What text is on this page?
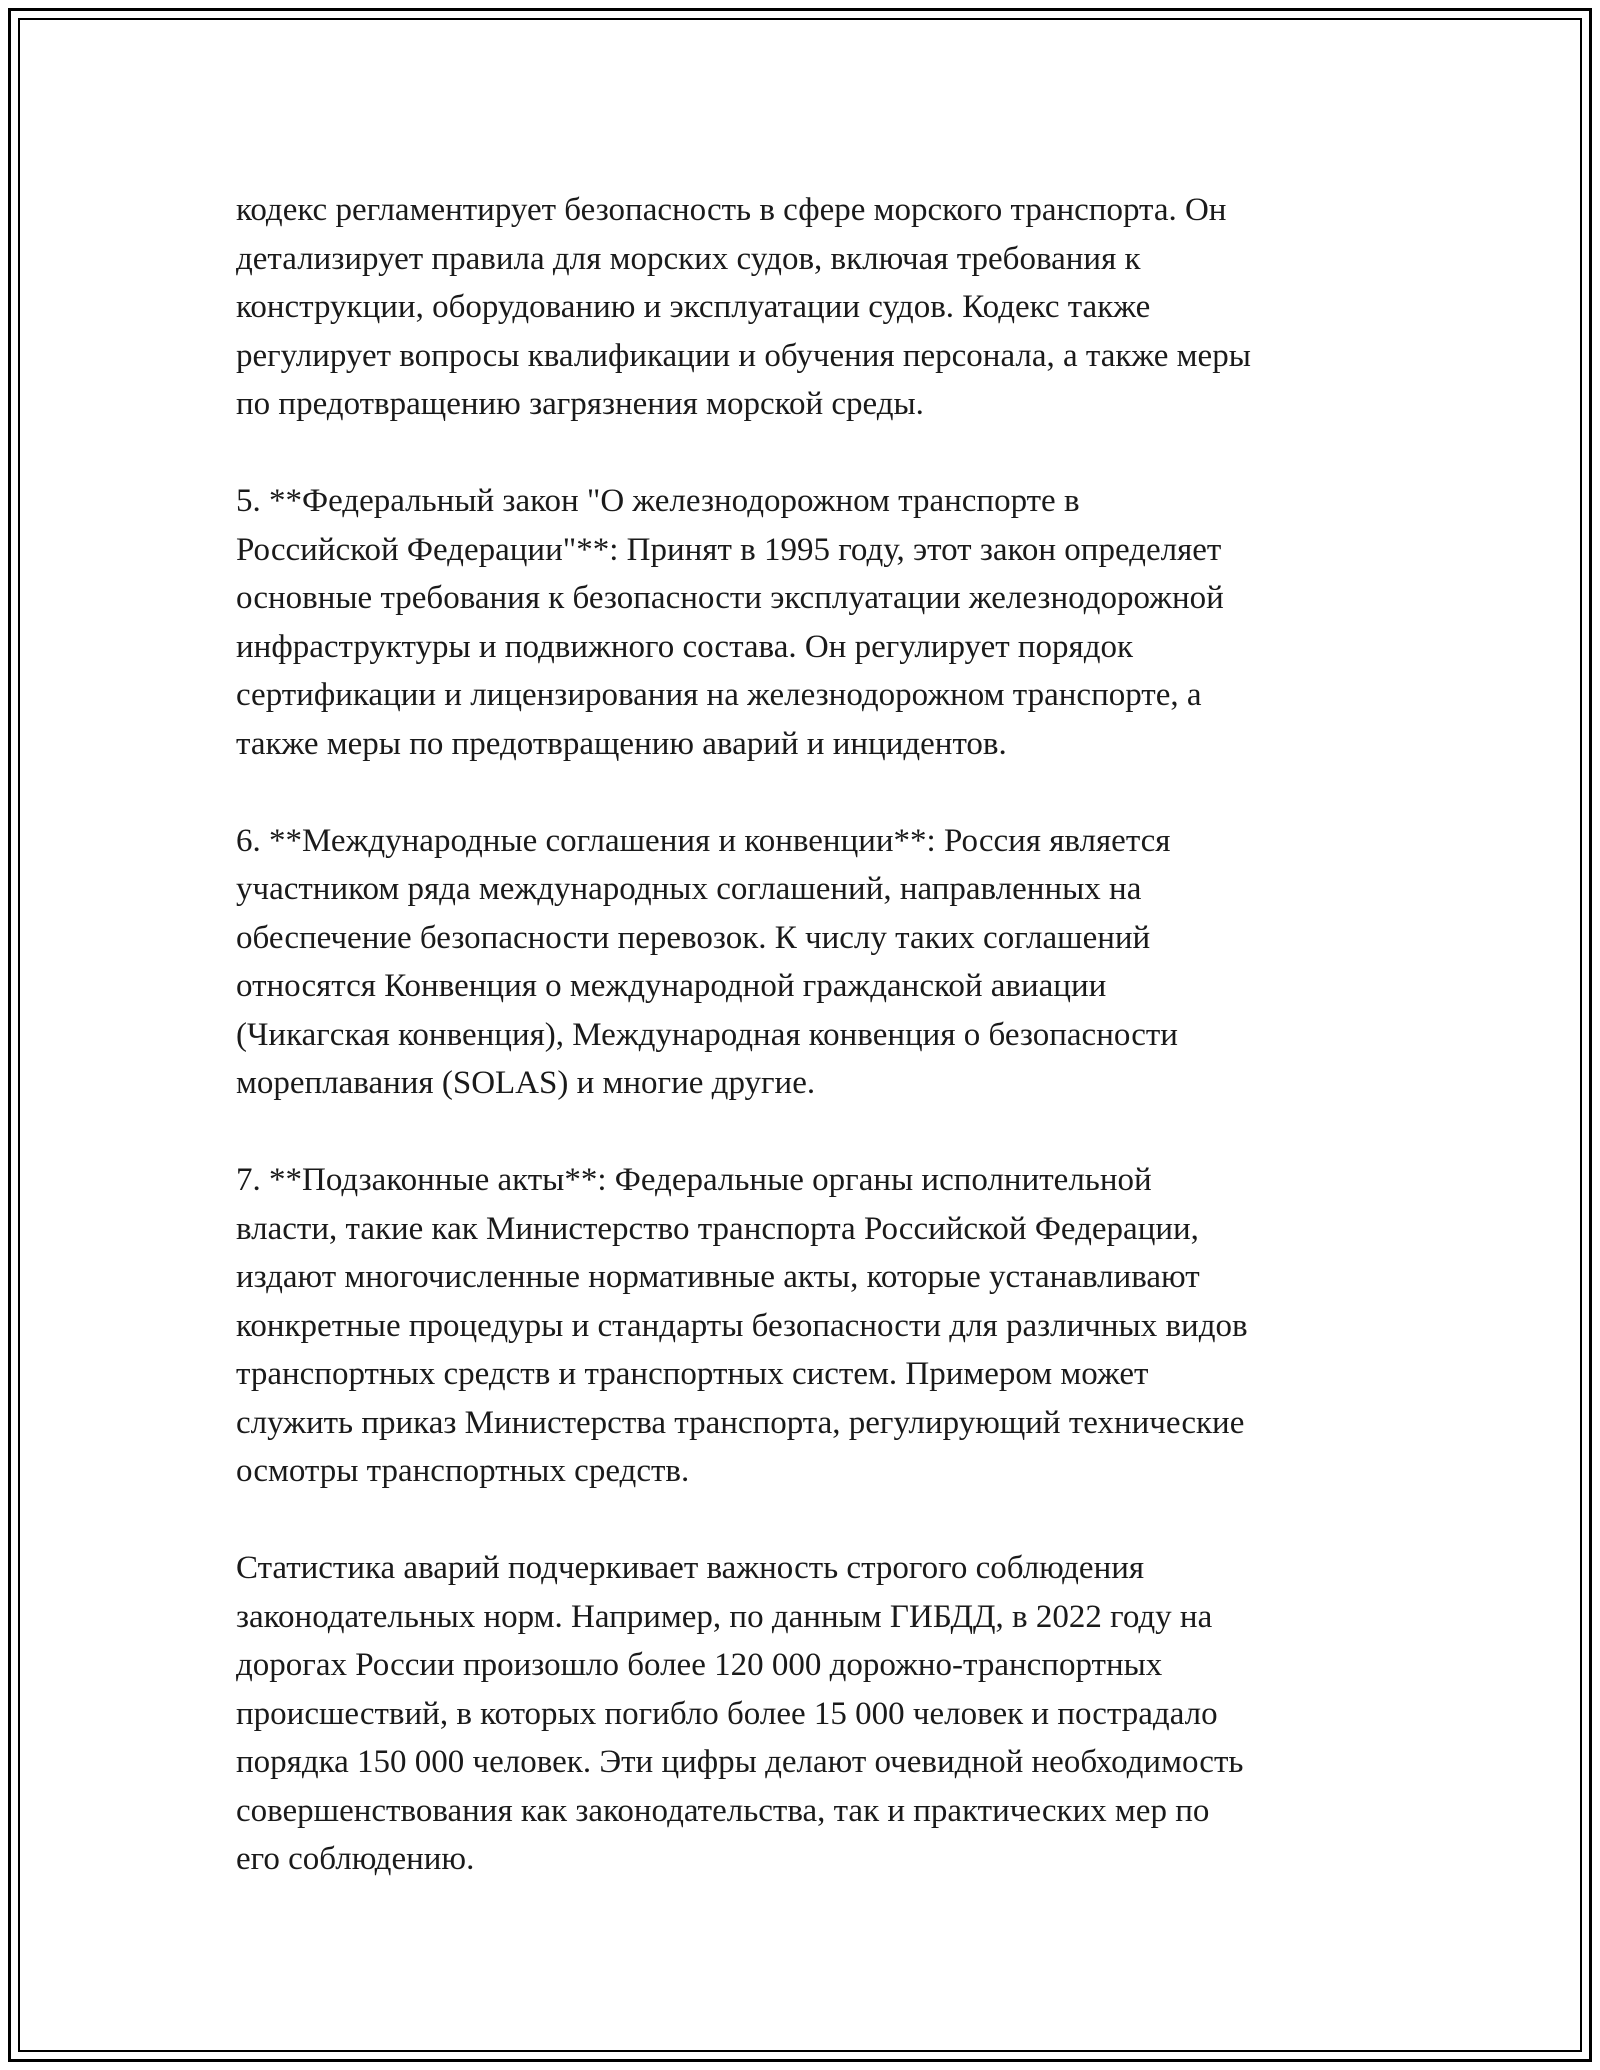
кодекс регламентирует безопасность в сфере морского транспорта. Он
детализирует правила для морских судов, включая требования к
конструкции, оборудованию и эксплуатации судов. Кодекс также
регулирует вопросы квалификации и обучения персонала, а также меры
по предотвращению загрязнения морской среды.

5. **Федеральный закон "О железнодорожном транспорте в
Российской Федерации"**: Принят в 1995 году, этот закон определяет
основные требования к безопасности эксплуатации железнодорожной
инфраструктуры и подвижного состава. Он регулирует порядок
сертификации и лицензирования на железнодорожном транспорте, а
также меры по предотвращению аварий и инцидентов.

6. **Международные соглашения и конвенции**: Россия является
участником ряда международных соглашений, направленных на
обеспечение безопасности перевозок. К числу таких соглашений
относятся Конвенция о международной гражданской авиации
(Чикагская конвенция), Международная конвенция о безопасности
мореплавания (SOLAS) и многие другие.

7. **Подзаконные акты**: Федеральные органы исполнительной
власти, такие как Министерство транспорта Российской Федерации,
издают многочисленные нормативные акты, которые устанавливают
конкретные процедуры и стандарты безопасности для различных видов
транспортных средств и транспортных систем. Примером может
служить приказ Министерства транспорта, регулирующий технические
осмотры транспортных средств.

Статистика аварий подчеркивает важность строгого соблюдения
законодательных норм. Например, по данным ГИБДД, в 2022 году на
дорогах России произошло более 120 000 дорожно-транспортных
происшествий, в которых погибло более 15 000 человек и пострадало
порядка 150 000 человек. Эти цифры делают очевидной необходимость
совершенствования как законодательства, так и практических мер по
его соблюдению.
